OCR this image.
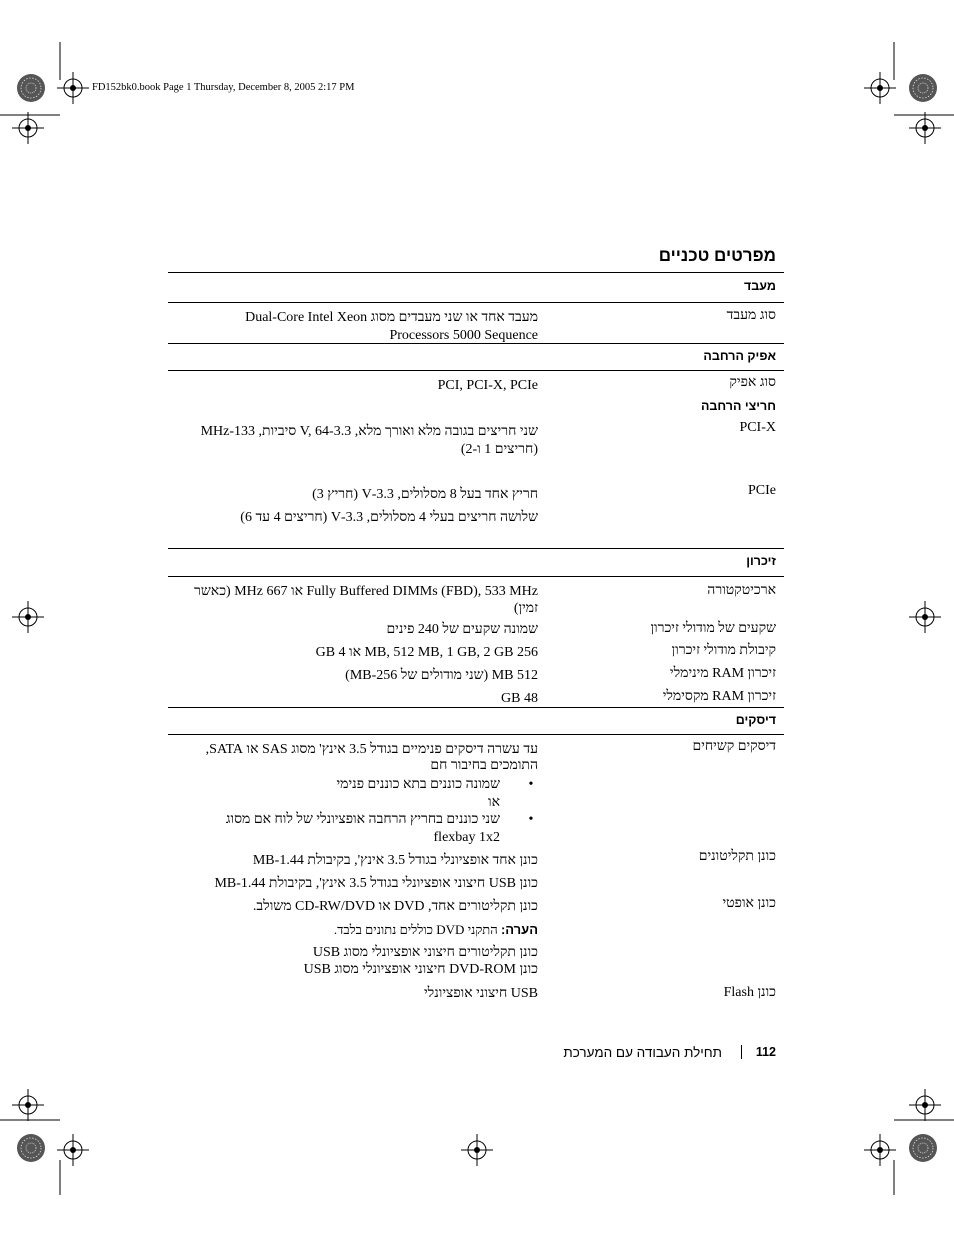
FD152bk0.book Page 1 Thursday, December 8, 2005 2:17 PM
מפרטים טכניים
מעבד
סוג מעבד
מעבד אחד או שני מעבדים מסוג Dual-Core Intel Xeon
Processors 5000 Sequence
אפיק הרחבה
סוג אפיק
PCI, PCI-X, PCIe
חריצי הרחבה
PCI-X
שני חריצים בגובה מלא ואורך מלא, 3.3-V, 64 סיביות, 133-MHz
(חריצים 1 ו-2)
PCIe
חריץ אחד בעל 8 מסלולים, 3.3-V (חריץ 3)
שלושה חריצים בעלי 4 מסלולים, 3.3-V (חריצים 4 עד 6)
זיכרון
ארכיטקטורה
Fully Buffered DIMMs (FBD), 533 MHz או 667 MHz (כאשר
זמין)
שקעים של מודולי זיכרון
שמונה שקעים של 240 פינים
קיבולת מודולי זיכרון
256 MB, 512 MB, 1 GB, 2 GB או 4 GB
זיכרון RAM מינימלי
512 MB (שני מודולים של 256-MB)
זיכרון RAM מקסימלי
48 GB
דיסקים
דיסקים קשיחים
עד עשרה דיסקים פנימיים בגודל 3.5 אינץ' מסוג SAS או SATA,
התומכים בחיבור חם
•
שמונה כוננים בתא כוננים פנימי
או
•
שני כוננים בחריץ הרחבה אופציונלי של לוח אם מסוג
flexbay 1x2
כונן תקליטונים
כונן אחד אופציונלי בגודל 3.5 אינץ', בקיבולת 1.44-MB
כונן USB חיצוני אופציונלי בגודל 3.5 אינץ', בקיבולת 1.44-MB
כונן אופטי
כונן תקליטורים אחד, DVD או CD-RW/DVD משולב.
הערה: התקני DVD כוללים נתונים בלבד.
כונן תקליטורים חיצוני אופציונלי מסוג USB
כונן DVD-ROM חיצוני אופציונלי מסוג USB
כונן Flash
USB חיצוני אופציונלי
תחילת העבודה עם המערכת	112
